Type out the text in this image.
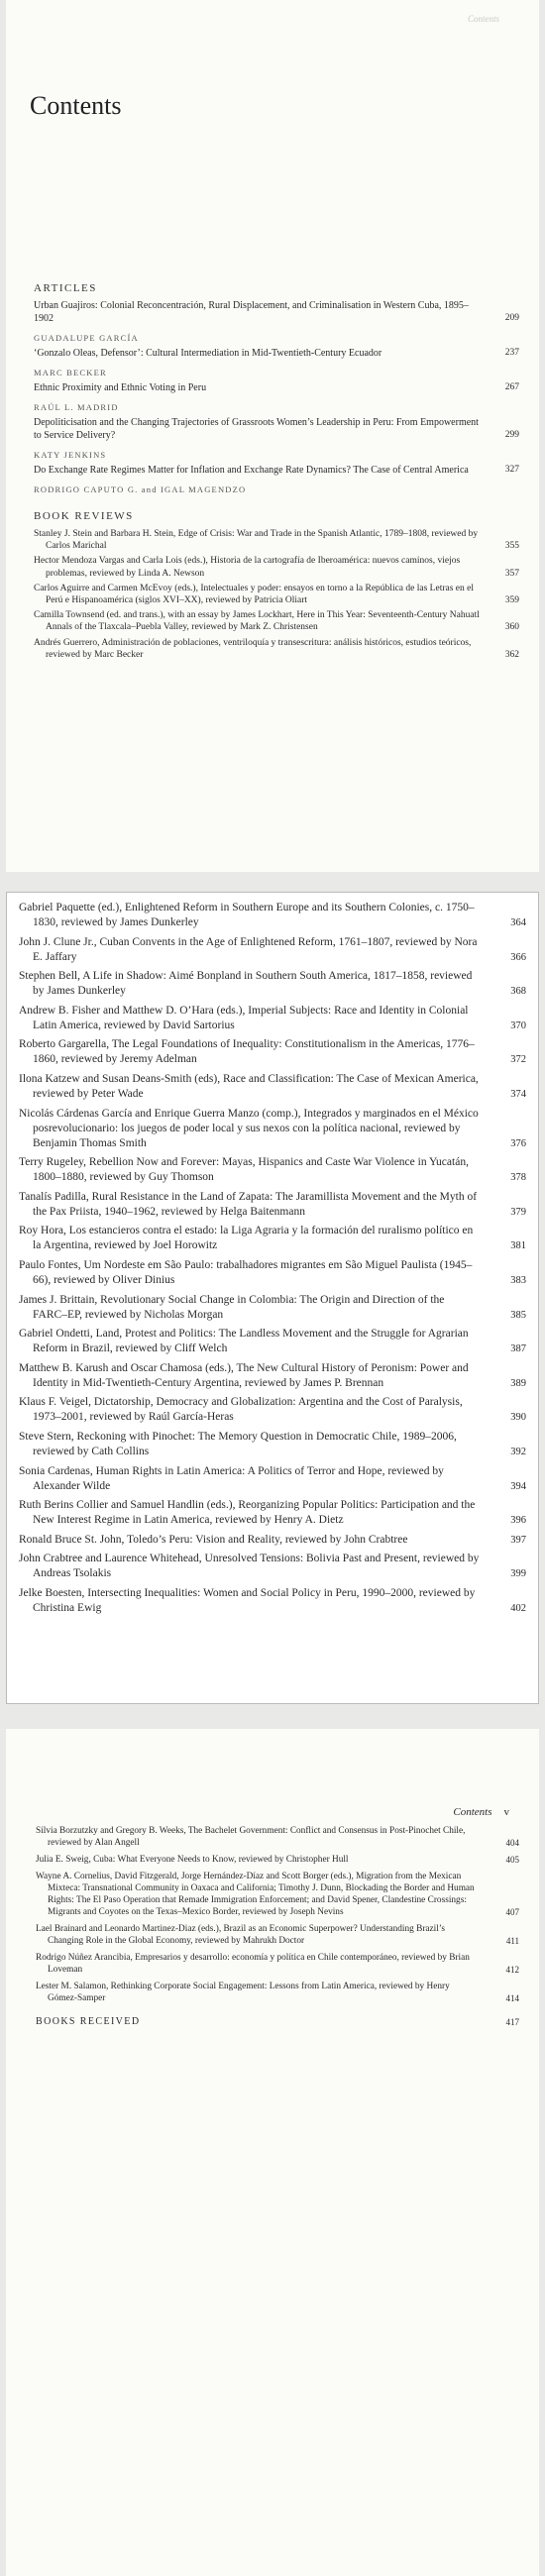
Contents
Contents
ARTICLES
Urban Guajiros: Colonial Reconcentración, Rural Displacement, and Criminalisation in Western Cuba, 1895–1902	209
GUADALUPE GARCÍA
‘Gonzalo Oleas, Defensor’: Cultural Intermediation in Mid-Twentieth-Century Ecuador	237
MARC BECKER
Ethnic Proximity and Ethnic Voting in Peru	267
RAÚL L. MADRID
Depoliticisation and the Changing Trajectories of Grassroots Women’s Leadership in Peru: From Empowerment to Service Delivery?	299
KATY JENKINS
Do Exchange Rate Regimes Matter for Inflation and Exchange Rate Dynamics? The Case of Central America	327
RODRIGO CAPUTO G. and IGAL MAGENDZO
BOOK REVIEWS
Stanley J. Stein and Barbara H. Stein, Edge of Crisis: War and Trade in the Spanish Atlantic, 1789–1808, reviewed by Carlos Marichal	355
Hector Mendoza Vargas and Carla Lois (eds.), Historia de la cartografía de Iberoamérica: nuevos caminos, viejos problemas, reviewed by Linda A. Newson	357
Carlos Aguirre and Carmen McEvoy (eds.), Intelectuales y poder: ensayos en torno a la República de las Letras en el Perú e Hispanoamérica (siglos XVI–XX), reviewed by Patricia Oliart	359
Camilla Townsend (ed. and trans.), with an essay by James Lockhart, Here in This Year: Seventeenth-Century Nahuatl Annals of the Tlaxcala–Puebla Valley, reviewed by Mark Z. Christensen	360
Andrés Guerrero, Administración de poblaciones, ventriloquía y transescritura: análisis históricos, estudios teóricos, reviewed by Marc Becker	362
Gabriel Paquette (ed.), Enlightened Reform in Southern Europe and its Southern Colonies, c. 1750–1830, reviewed by James Dunkerley	364
John J. Clune Jr., Cuban Convents in the Age of Enlightened Reform, 1761–1807, reviewed by Nora E. Jaffary	366
Stephen Bell, A Life in Shadow: Aimé Bonpland in Southern South America, 1817–1858, reviewed by James Dunkerley	368
Andrew B. Fisher and Matthew D. O’Hara (eds.), Imperial Subjects: Race and Identity in Colonial Latin America, reviewed by David Sartorius	370
Roberto Gargarella, The Legal Foundations of Inequality: Constitutionalism in the Americas, 1776–1860, reviewed by Jeremy Adelman	372
Ilona Katzew and Susan Deans-Smith (eds), Race and Classification: The Case of Mexican America, reviewed by Peter Wade	374
Nicolás Cárdenas García and Enrique Guerra Manzo (comp.), Integrados y marginados en el México posrevolucionario: los juegos de poder local y sus nexos con la política nacional, reviewed by Benjamin Thomas Smith	376
Terry Rugeley, Rebellion Now and Forever: Mayas, Hispanics and Caste War Violence in Yucatán, 1800–1880, reviewed by Guy Thomson	378
Tanalís Padilla, Rural Resistance in the Land of Zapata: The Jaramillista Movement and the Myth of the Pax Priista, 1940–1962, reviewed by Helga Baitenmann	379
Roy Hora, Los estancieros contra el estado: la Liga Agraria y la formación del ruralismo político en la Argentina, reviewed by Joel Horowitz	381
Paulo Fontes, Um Nordeste em São Paulo: trabalhadores migrantes em São Miguel Paulista (1945–66), reviewed by Oliver Dinius	383
James J. Brittain, Revolutionary Social Change in Colombia: The Origin and Direction of the FARC–EP, reviewed by Nicholas Morgan	385
Gabriel Ondetti, Land, Protest and Politics: The Landless Movement and the Struggle for Agrarian Reform in Brazil, reviewed by Cliff Welch	387
Matthew B. Karush and Oscar Chamosa (eds.), The New Cultural History of Peronism: Power and Identity in Mid-Twentieth-Century Argentina, reviewed by James P. Brennan	389
Klaus F. Veigel, Dictatorship, Democracy and Globalization: Argentina and the Cost of Paralysis, 1973–2001, reviewed by Raúl García-Heras	390
Steve Stern, Reckoning with Pinochet: The Memory Question in Democratic Chile, 1989–2006, reviewed by Cath Collins	392
Sonia Cardenas, Human Rights in Latin America: A Politics of Terror and Hope, reviewed by Alexander Wilde	394
Ruth Berins Collier and Samuel Handlin (eds.), Reorganizing Popular Politics: Participation and the New Interest Regime in Latin America, reviewed by Henry A. Dietz	396
Ronald Bruce St. John, Toledo’s Peru: Vision and Reality, reviewed by John Crabtree	397
John Crabtree and Laurence Whitehead, Unresolved Tensions: Bolivia Past and Present, reviewed by Andreas Tsolakis	399
Jelke Boesten, Intersecting Inequalities: Women and Social Policy in Peru, 1990–2000, reviewed by Christina Ewig	402
Contents v
Silvia Borzutzky and Gregory B. Weeks, The Bachelet Government: Conflict and Consensus in Post-Pinochet Chile, reviewed by Alan Angell	404
Julia E. Sweig, Cuba: What Everyone Needs to Know, reviewed by Christopher Hull	405
Wayne A. Cornelius, David Fitzgerald, Jorge Hernández-Díaz and Scott Borger (eds.), Migration from the Mexican Mixteca: Transnational Community in Oaxaca and California; Timothy J. Dunn, Blockading the Border and Human Rights: The El Paso Operation that Remade Immigration Enforcement; and David Spener, Clandestine Crossings: Migrants and Coyotes on the Texas–Mexico Border, reviewed by Joseph Nevins	407
Lael Brainard and Leonardo Martinez-Diaz (eds.), Brazil as an Economic Superpower? Understanding Brazil’s Changing Role in the Global Economy, reviewed by Mahrukh Doctor	411
Rodrigo Núñez Arancibia, Empresarios y desarrollo: economía y política en Chile contemporáneo, reviewed by Brian Loveman	412
Lester M. Salamon, Rethinking Corporate Social Engagement: Lessons from Latin America, reviewed by Henry Gómez-Samper	414
BOOKS RECEIVED	417
